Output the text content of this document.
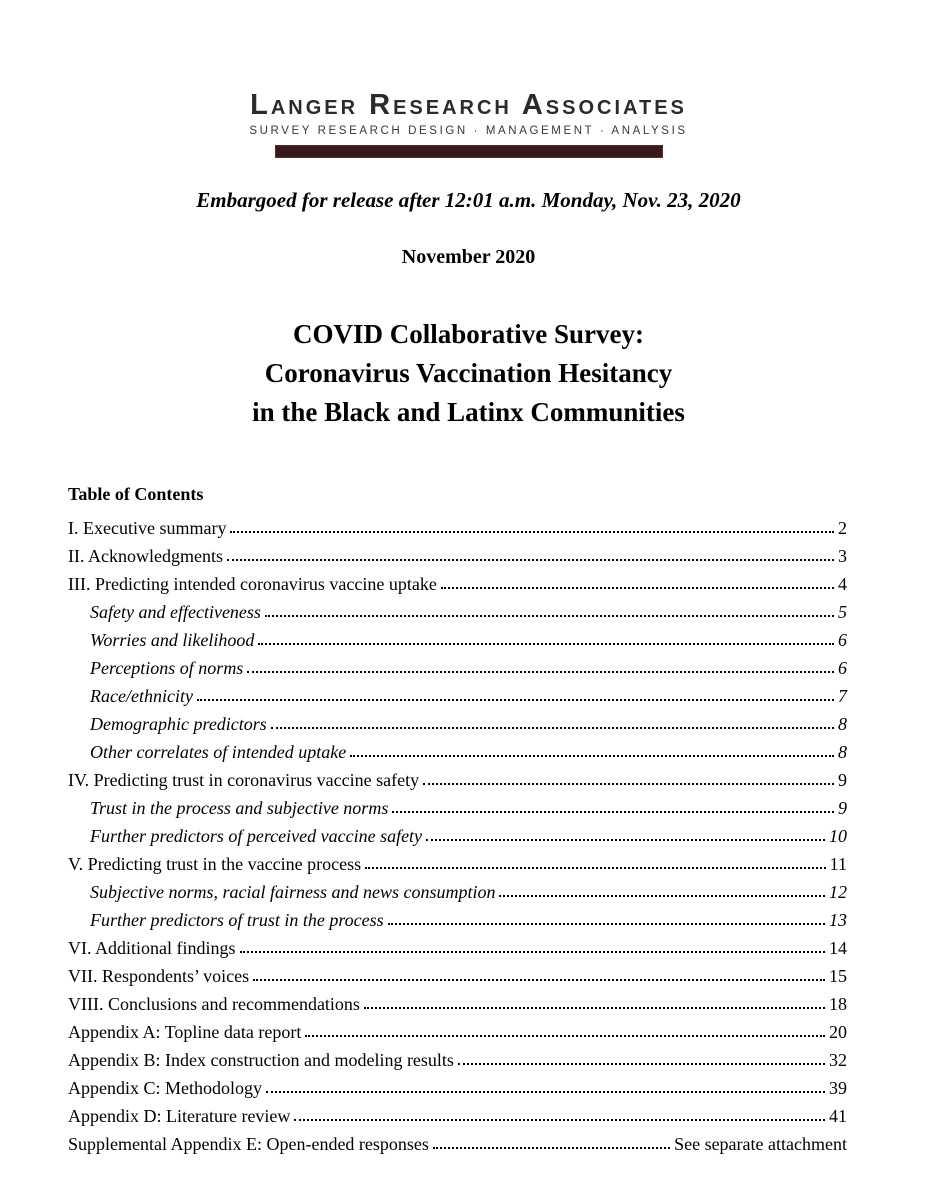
Langer Research Associates
SURVEY RESEARCH DESIGN · MANAGEMENT · ANALYSIS
Embargoed for release after 12:01 a.m. Monday, Nov. 23, 2020
November 2020
COVID Collaborative Survey:
Coronavirus Vaccination Hesitancy
in the Black and Latinx Communities
Table of Contents
I. Executive summary	2
II. Acknowledgments	3
III. Predicting intended coronavirus vaccine uptake	4
Safety and effectiveness	5
Worries and likelihood	6
Perceptions of norms	6
Race/ethnicity	7
Demographic predictors	8
Other correlates of intended uptake	8
IV. Predicting trust in coronavirus vaccine safety	9
Trust in the process and subjective norms	9
Further predictors of perceived vaccine safety	10
V. Predicting trust in the vaccine process	11
Subjective norms, racial fairness and news consumption	12
Further predictors of trust in the process	13
VI. Additional findings	14
VII. Respondents’ voices	15
VIII. Conclusions and recommendations	18
Appendix A: Topline data report	20
Appendix B: Index construction and modeling results	32
Appendix C: Methodology	39
Appendix D: Literature review	41
Supplemental Appendix E: Open-ended responses	See separate attachment
